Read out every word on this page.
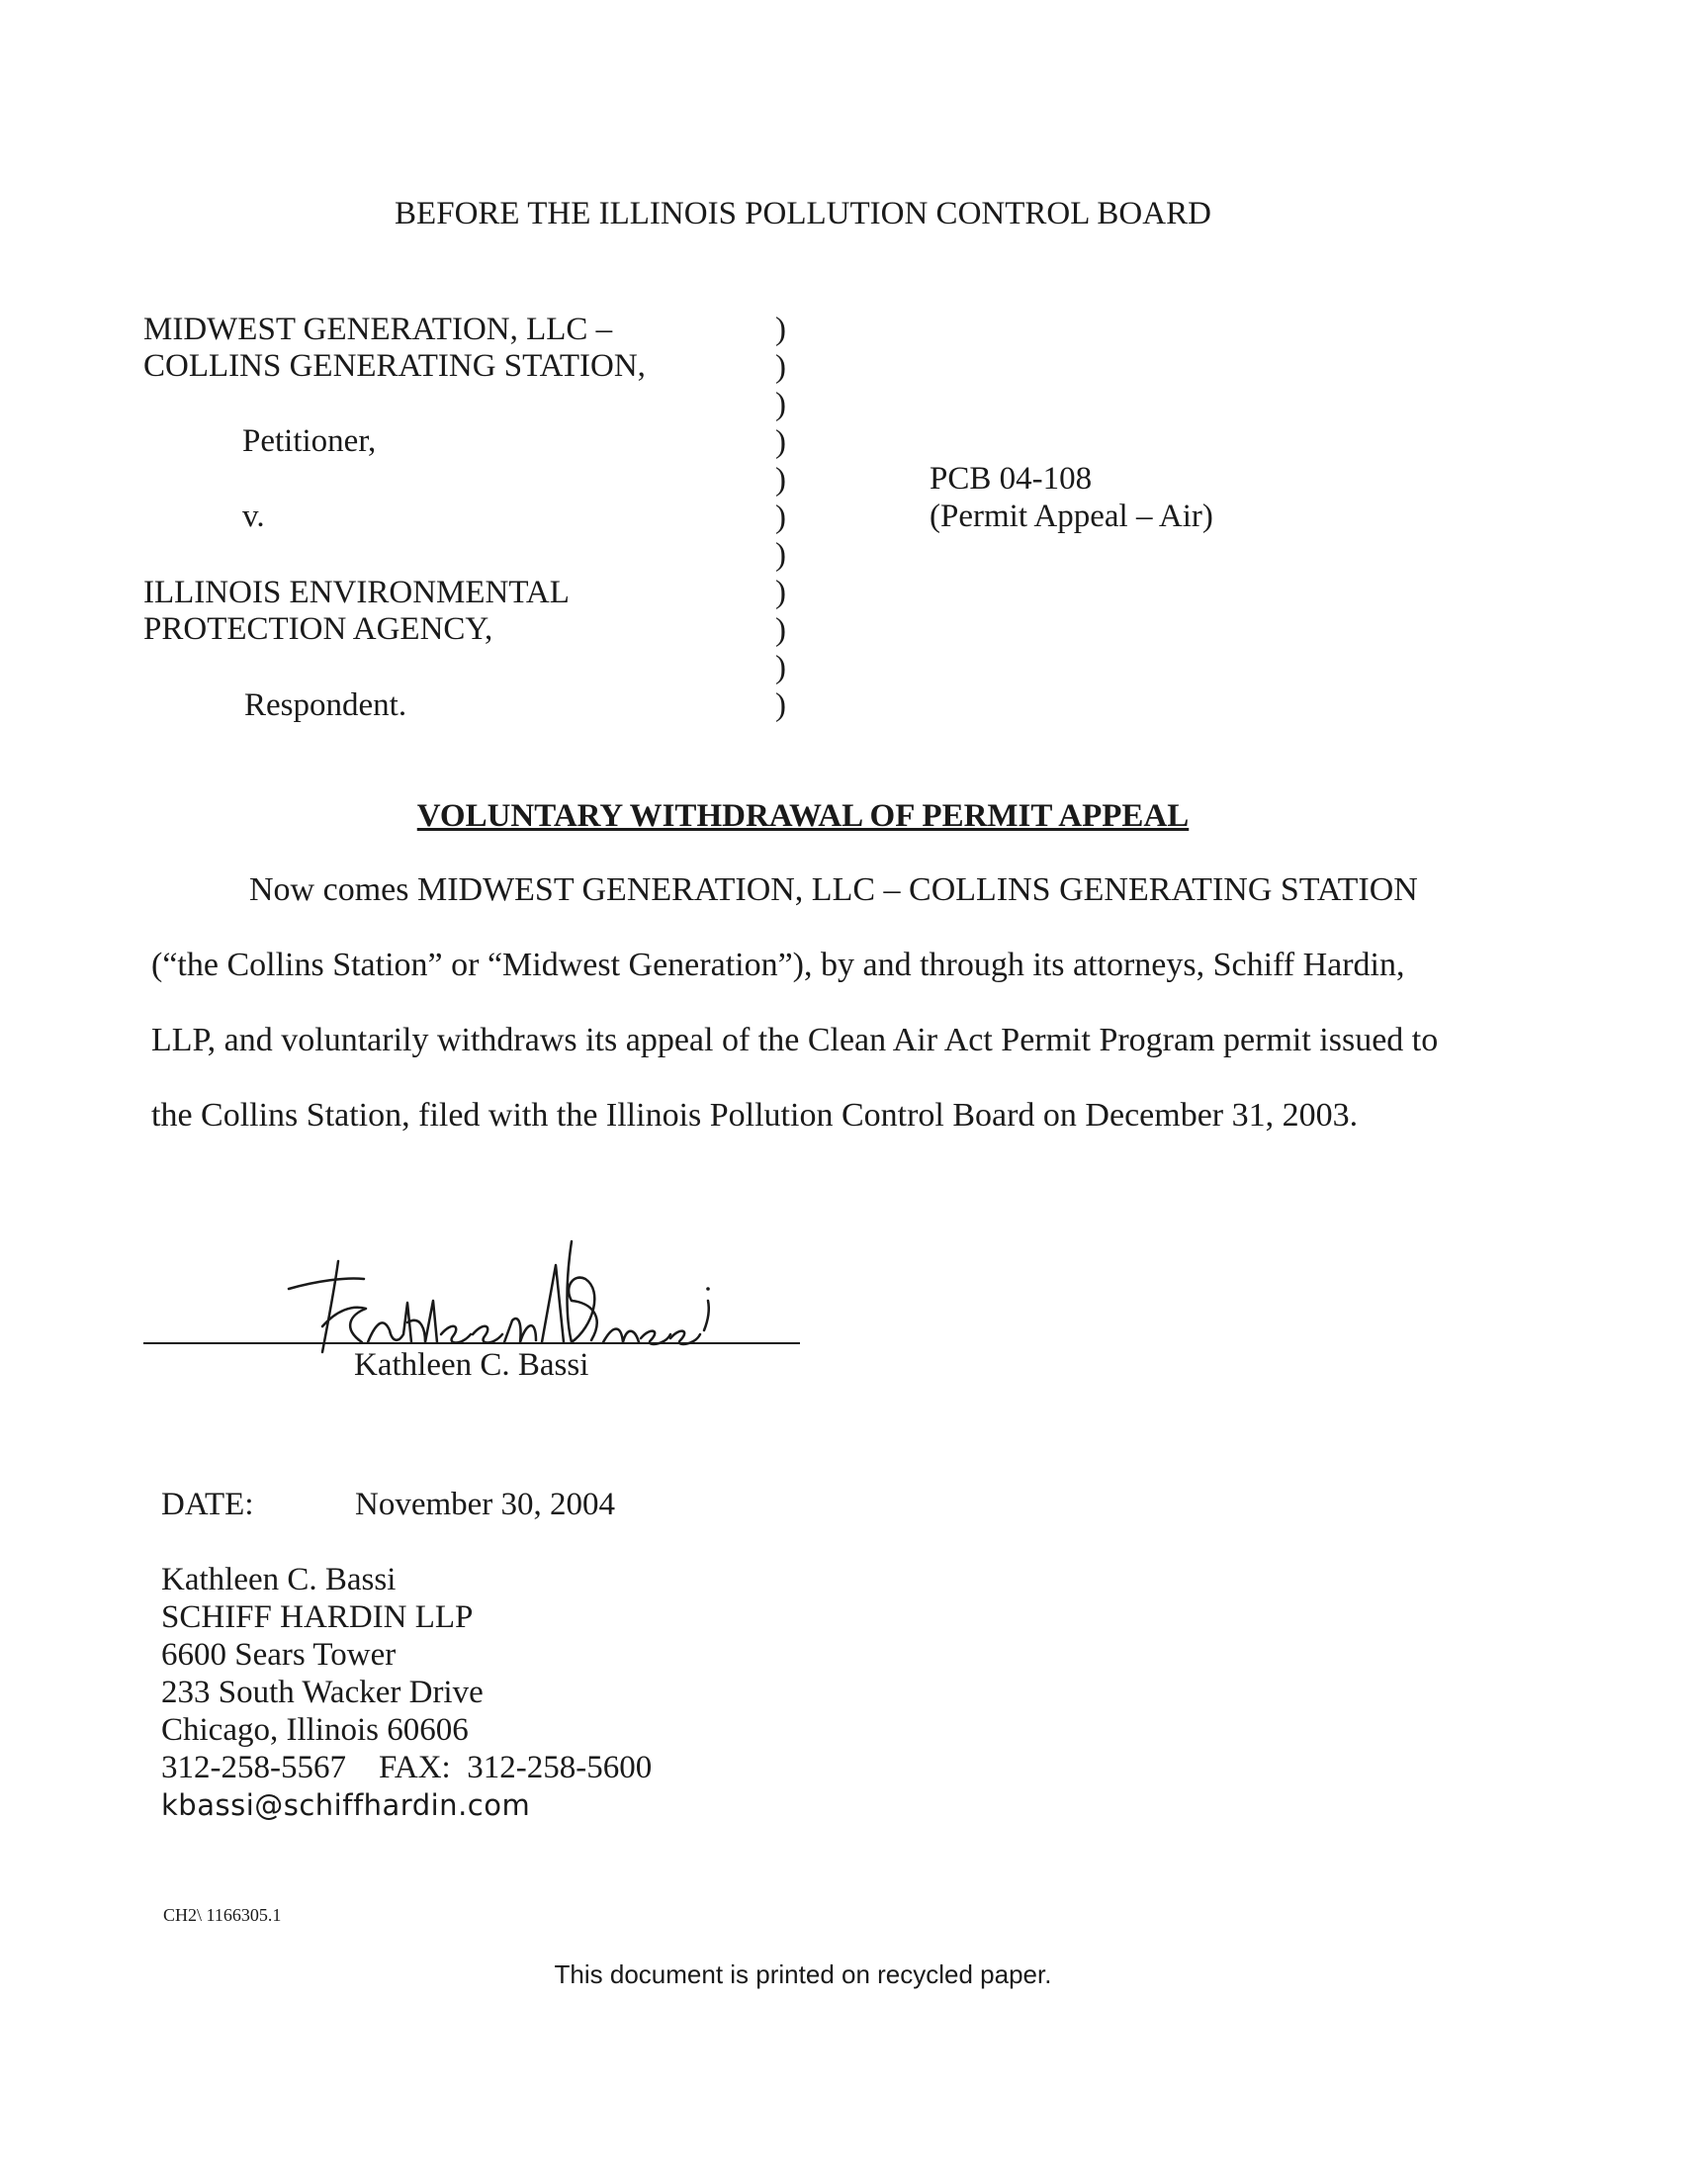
BEFORE THE ILLINOIS POLLUTION CONTROL BOARD
MIDWEST GENERATION, LLC –
COLLINS GENERATING STATION,
Petitioner,
v.
ILLINOIS ENVIRONMENTAL
PROTECTION AGENCY,
Respondent.
)
)
)
)
)
)
)
)
)
)
)
PCB 04-108
(Permit Appeal – Air)
VOLUNTARY WITHDRAWAL OF PERMIT APPEAL
Now comes MIDWEST GENERATION, LLC – COLLINS GENERATING STATION
(“the Collins Station” or “Midwest Generation”), by and through its attorneys, Schiff Hardin,
LLP, and voluntarily withdraws its appeal of the Clean Air Act Permit Program permit issued to
the Collins Station, filed with the Illinois Pollution Control Board on December 31, 2003.
Kathleen C. Bassi
DATE:	November 30, 2004
Kathleen C. Bassi
SCHIFF HARDIN LLP
6600 Sears Tower
233 South Wacker Drive
Chicago, Illinois 60606
312-258-5567    FAX:  312-258-5600
kbassi@schiffhardin.com
CH2\ 1166305.1
This document is printed on recycled paper.
